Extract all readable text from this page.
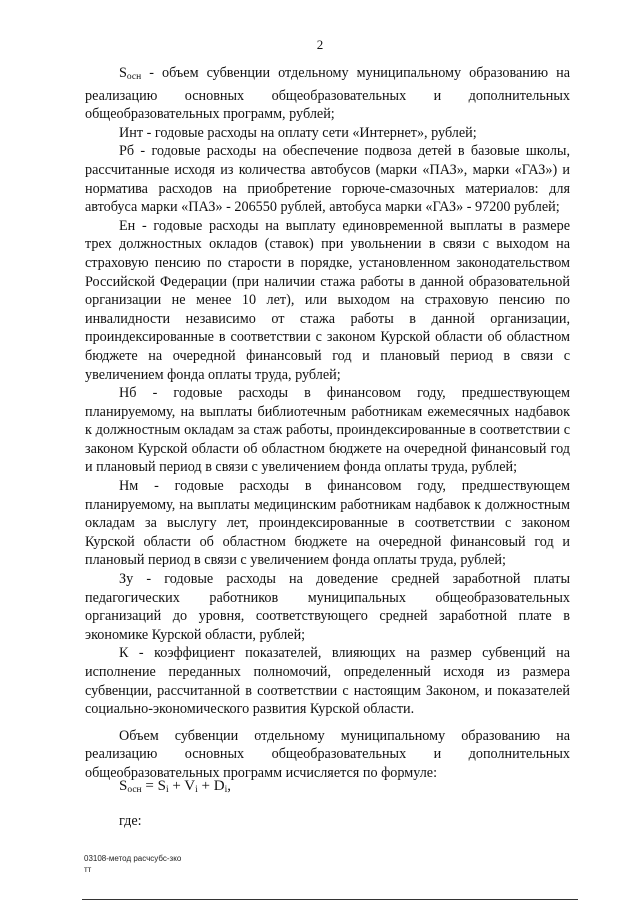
2

$S_{осн}$ - объем субвенции отдельному муниципальному образованию на реализацию основных общеобразовательных и дополнительных общеобразовательных программ, рублей;

Инт - годовые расходы на оплату сети «Интернет», рублей;

Рб - годовые расходы на обеспечение подвоза детей в базовые школы, рассчитанные исходя из количества автобусов (марки «ПАЗ», марки «ГАЗ») и норматива расходов на приобретение горюче-смазочных материалов: для автобуса марки «ПАЗ» - 206550 рублей, автобуса марки «ГАЗ» - 97200 рублей;

Ен - годовые расходы на выплату единовременной выплаты в размере трех должностных окладов (ставок) при увольнении в связи с выходом на страховую пенсию по старости в порядке, установленном законодательством Российской Федерации (при наличии стажа работы в данной образовательной организации не менее 10 лет), или выходом на страховую пенсию по инвалидности независимо от стажа работы в данной организации, проиндексированные в соответствии с законом Курской области об областном бюджете на очередной финансовый год и плановый период в связи с увеличением фонда оплаты труда, рублей;

Нб - годовые расходы в финансовом году, предшествующем планируемому, на выплаты библиотечным работникам ежемесячных надбавок к должностным окладам за стаж работы, проиндексированные в соответствии с законом Курской области об областном бюджете на очередной финансовый год и плановый период в связи с увеличением фонда оплаты труда, рублей;

Нм - годовые расходы в финансовом году, предшествующем планируемому, на выплаты медицинским работникам надбавок к должностным окладам за выслугу лет, проиндексированные в соответствии с законом Курской области об областном бюджете на очередной финансовый год и плановый период в связи с увеличением фонда оплаты труда, рублей;

Зу - годовые расходы на доведение средней заработной платы педагогических работников муниципальных общеобразовательных организаций до уровня, соответствующего средней заработной плате в экономике Курской области, рублей;

К - коэффициент показателей, влияющих на размер субвенций на исполнение переданных полномочий, определенный исходя из размера субвенции, рассчитанной в соответствии с настоящим Законом, и показателей социально-экономического развития Курской области.

Объем субвенции отдельному муниципальному образованию на реализацию основных общеобразовательных и дополнительных общеобразовательных программ исчисляется по формуле:

$S_{осн} = S_i + V_i + D_i$,
где:
03108-метод расчсубс-зко
тт
